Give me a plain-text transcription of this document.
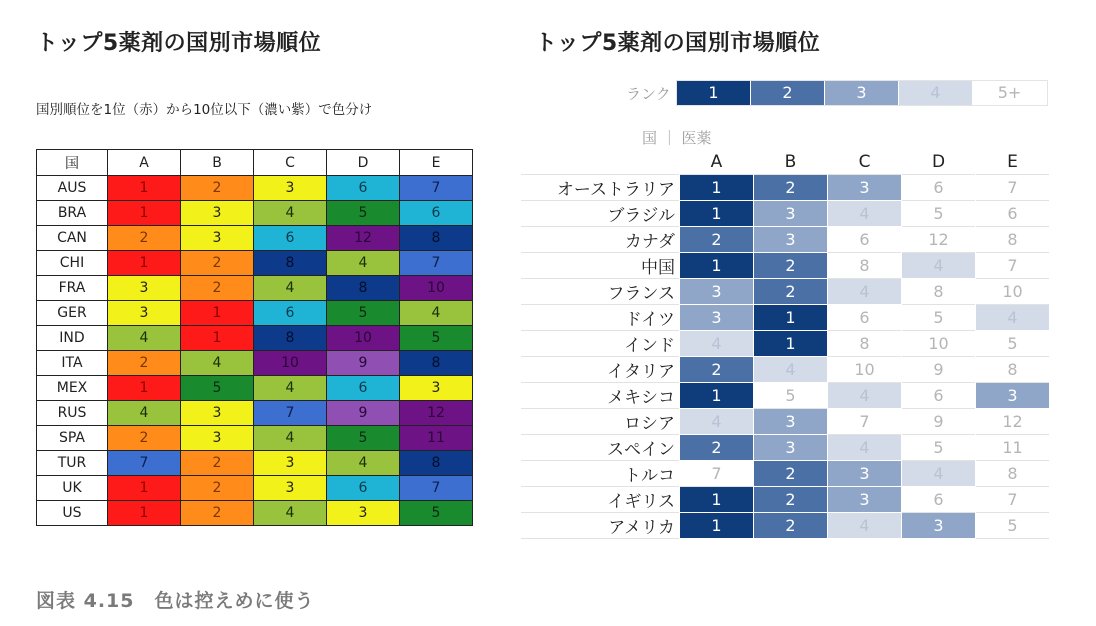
トップ5薬剤の国別市場順位
国別順位を1位（赤）から10位以下（濃い紫）で色分け
国	A	B	C	D	E
AUS	1	2	3	6	7
BRA	1	3	4	5	6
CAN	2	3	6	12	8
CHI	1	2	8	4	7
FRA	3	2	4	8	10
GER	3	1	6	5	4
IND	4	1	8	10	5
ITA	2	4	10	9	8
MEX	1	5	4	6	3
RUS	4	3	7	9	12
SPA	2	3	4	5	11
TUR	7	2	3	4	8
UK	1	2	3	6	7
US	1	2	4	3	5
トップ5薬剤の国別市場順位
ランク	1	2	3	4	5+
国 ｜ 医薬
	A	B	C	D	E
オーストラリア	1	2	3	6	7
ブラジル	1	3	4	5	6
カナダ	2	3	6	12	8
中国	1	2	8	4	7
フランス	3	2	4	8	10
ドイツ	3	1	6	5	4
インド	4	1	8	10	5
イタリア	2	4	10	9	8
メキシコ	1	5	4	6	3
ロシア	4	3	7	9	12
スペイン	2	3	4	5	11
トルコ	7	2	3	4	8
イギリス	1	2	3	6	7
アメリカ	1	2	4	3	5
図表 4.15　色は控えめに使う
